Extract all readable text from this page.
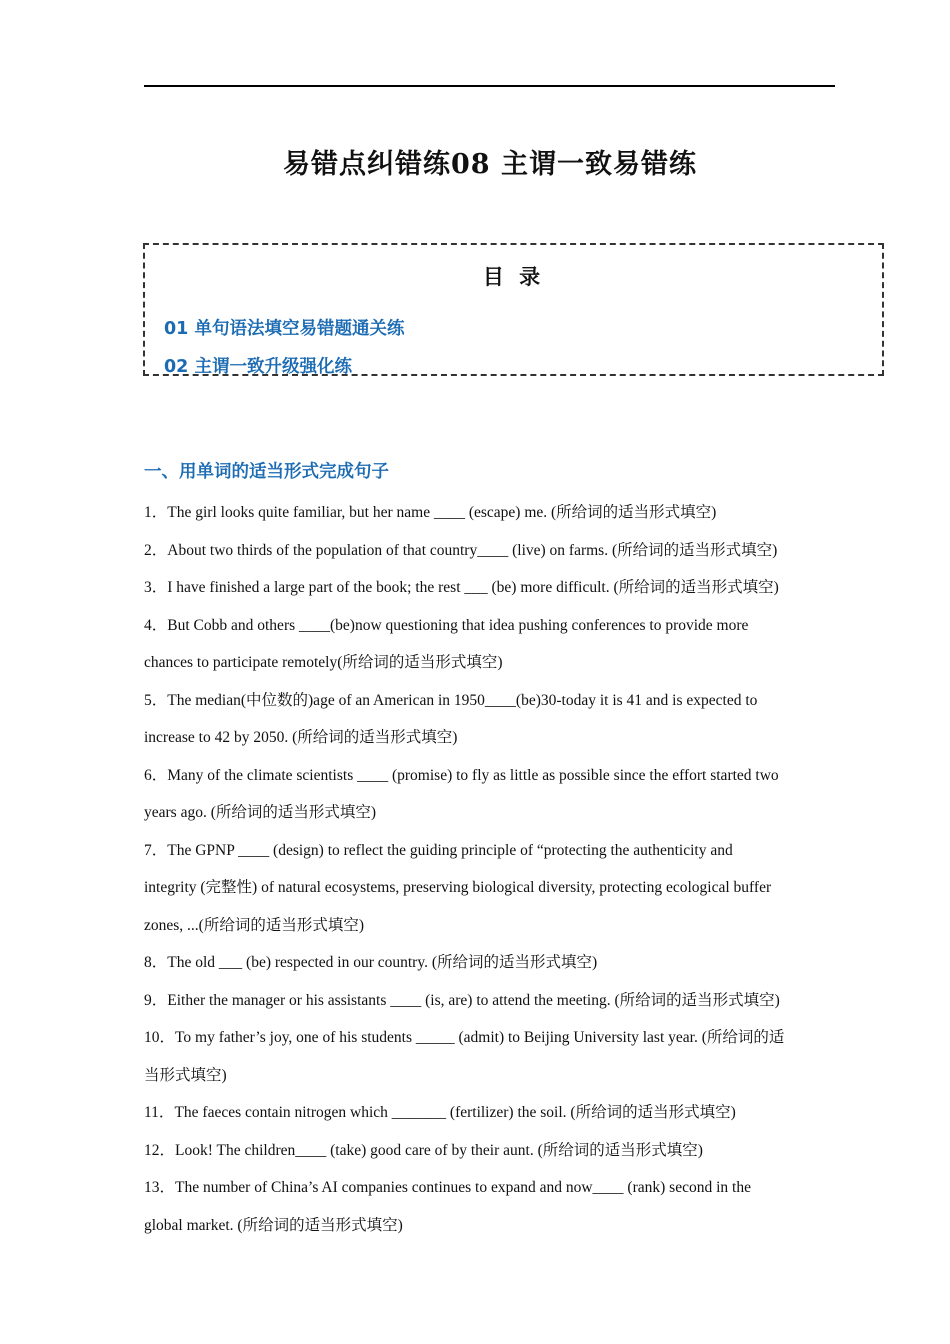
易错点纠错练08 主谓一致易错练
目 录
01 单句语法填空易错题通关练
02 主谓一致升级强化练
一、用单词的适当形式完成句子
1．The girl looks quite familiar, but her name ____ (escape) me. (所给词的适当形式填空)
2．About two thirds of the population of that country____ (live) on farms. (所给词的适当形式填空)
3．I have finished a large part of the book; the rest ___ (be) more difficult. (所给词的适当形式填空)
4．But Cobb and others ____(be)now questioning that idea pushing conferences to provide more
chances to participate remotely(所给词的适当形式填空)
5．The median(中位数的)age of an American in 1950____(be)30-today it is 41 and is expected to
increase to 42 by 2050. (所给词的适当形式填空)
6．Many of the climate scientists ____ (promise) to fly as little as possible since the effort started two
years ago. (所给词的适当形式填空)
7．The GPNP ____ (design) to reflect the guiding principle of “protecting the authenticity and
integrity (完整性) of natural ecosystems, preserving biological diversity, protecting ecological buffer
zones, ...(所给词的适当形式填空)
8．The old ___ (be) respected in our country. (所给词的适当形式填空)
9．Either the manager or his assistants ____ (is, are) to attend the meeting. (所给词的适当形式填空)
10．To my father’s joy, one of his students _____ (admit) to Beijing University last year. (所给词的适
当形式填空)
11．The faeces contain nitrogen which _______ (fertilizer) the soil. (所给词的适当形式填空)
12．Look! The children____ (take) good care of by their aunt. (所给词的适当形式填空)
13．The number of China’s AI companies continues to expand and now____ (rank) second in the
global market. (所给词的适当形式填空)
